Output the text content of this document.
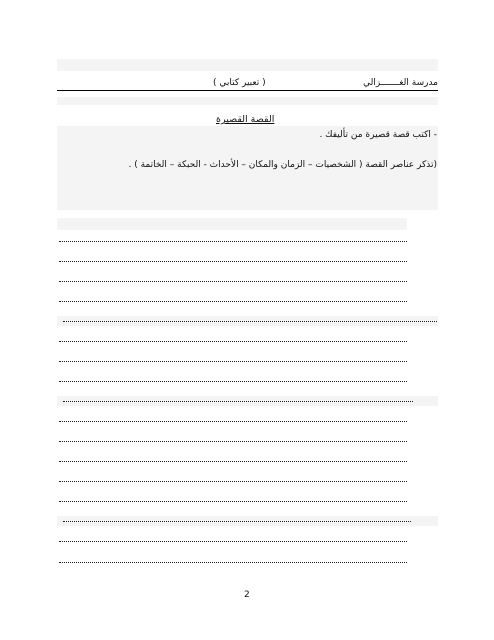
مدرسة الغـــــــزالي
( تعبير كتابي )
القصة القصيرة
- اكتب قصة قصيرة من تأليفك .
(تذكر عناصر القصة ( الشخصيات – الزمان والمكان – الأحداث - الحبكة – الخاتمة ) .
2
